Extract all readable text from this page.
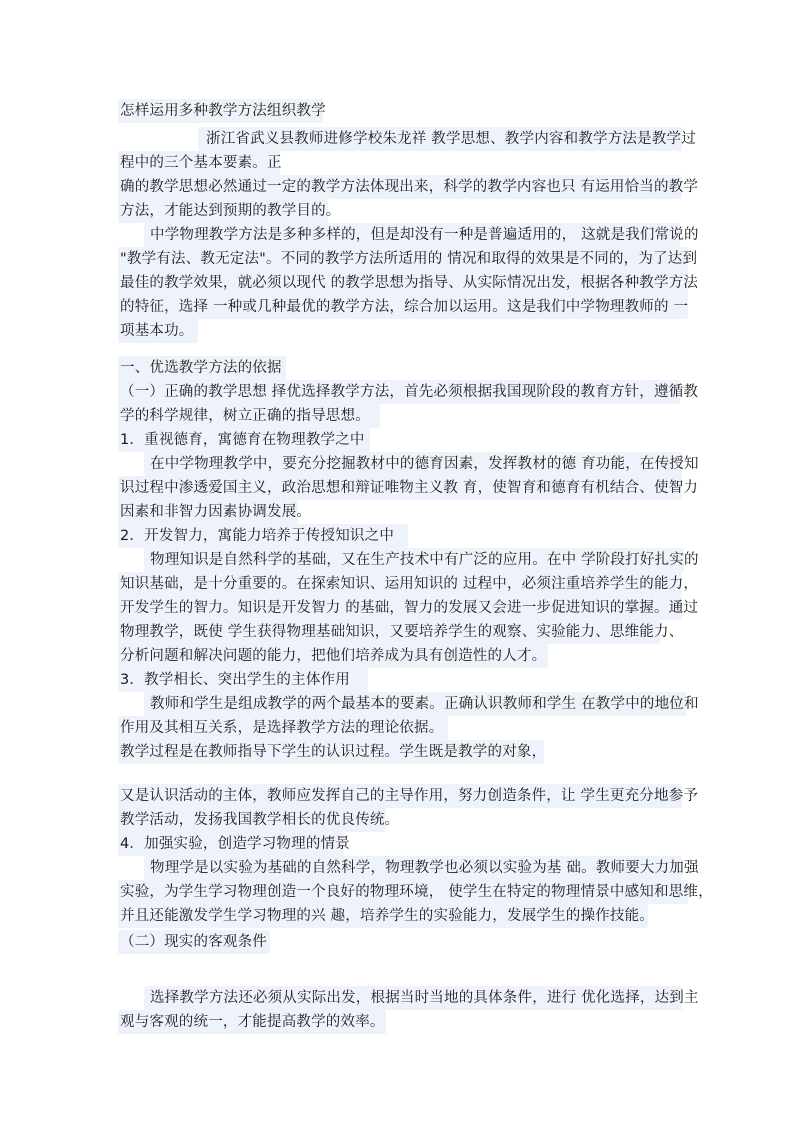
怎样运用多种教学方法组织教学
浙江省武义县教师进修学校朱龙祥 教学思想、教学内容和教学方法是教学过
程中的三个基本要素。正
确的教学思想必然通过一定的教学方法体现出来，科学的教学内容也只 有运用恰当的教学
方法，才能达到预期的教学目的。
中学物理教学方法是多种多样的，但是却没有一种是普遍适用的， 这就是我们常说的
"教学有法、教无定法"。不同的教学方法所适用的 情况和取得的效果是不同的，为了达到
最佳的教学效果，就必须以现代 的教学思想为指导、从实际情况出发，根据各种教学方法
的特征，选择 一种或几种最优的教学方法，综合加以运用。这是我们中学物理教师的 一
项基本功。
一、优选教学方法的依据
（一）正确的教学思想 择优选择教学方法，首先必须根据我国现阶段的教育方针，遵循教
学的科学规律，树立正确的指导思想。
1．重视德育，寓德育在物理教学之中
在中学物理教学中，要充分挖掘教材中的德育因素，发挥教材的德 育功能，在传授知
识过程中渗透爱国主义，政治思想和辩证唯物主义教 育，使智育和德育有机结合、使智力
因素和非智力因素协调发展。
2．开发智力，寓能力培养于传授知识之中
物理知识是自然科学的基础，又在生产技术中有广泛的应用。在中 学阶段打好扎实的
知识基础，是十分重要的。在探索知识、运用知识的 过程中，必须注重培养学生的能力，
开发学生的智力。知识是开发智力 的基础，智力的发展又会进一步促进知识的掌握。通过
物理教学，既使 学生获得物理基础知识，又要培养学生的观察、实验能力、思维能力、
分析问题和解决问题的能力，把他们培养成为具有创造性的人才。
3．教学相长、突出学生的主体作用
教师和学生是组成教学的两个最基本的要素。正确认识教师和学生 在教学中的地位和
作用及其相互关系，是选择教学方法的理论依据。
教学过程是在教师指导下学生的认识过程。学生既是教学的对象，
又是认识活动的主体，教师应发挥自己的主导作用，努力创造条件，让 学生更充分地参予
教学活动，发扬我国教学相长的优良传统。
4．加强实验，创造学习物理的情景
物理学是以实验为基础的自然科学，物理教学也必须以实验为基 础。教师要大力加强
实验，为学生学习物理创造一个良好的物理环境， 使学生在特定的物理情景中感知和思维，
并且还能激发学生学习物理的兴 趣，培养学生的实验能力，发展学生的操作技能。
（二）现实的客观条件
选择教学方法还必须从实际出发，根据当时当地的具体条件，进行 优化选择，达到主
观与客观的统一，才能提高教学的效率。
